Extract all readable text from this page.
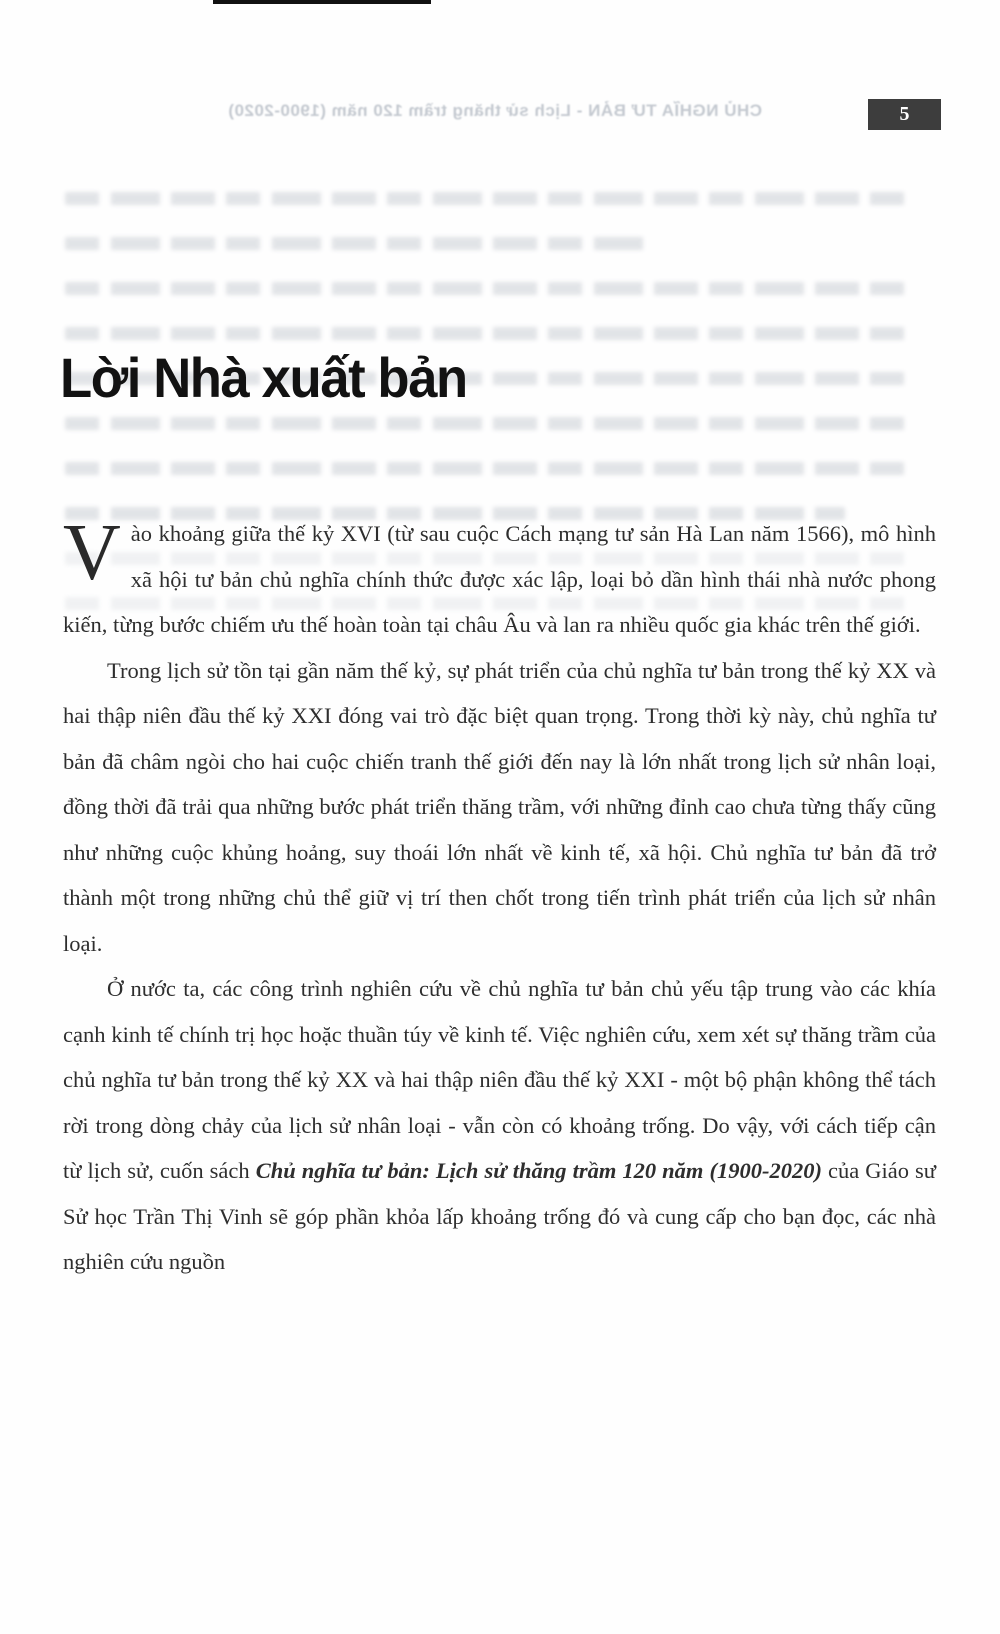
CHỦ NGHĨA TƯ BẢN - Lịch sử thăng trầm 120 năm (1900-2020)	5
Lời Nhà xuất bản

Vào khoảng giữa thế kỷ XVI (từ sau cuộc Cách mạng tư sản Hà Lan năm 1566), mô hình xã hội tư bản chủ nghĩa chính thức được xác lập, loại bỏ dần hình thái nhà nước phong kiến, từng bước chiếm ưu thế hoàn toàn tại châu Âu và lan ra nhiều quốc gia khác trên thế giới.

Trong lịch sử tồn tại gần năm thế kỷ, sự phát triển của chủ nghĩa tư bản trong thế kỷ XX và hai thập niên đầu thế kỷ XXI đóng vai trò đặc biệt quan trọng. Trong thời kỳ này, chủ nghĩa tư bản đã châm ngòi cho hai cuộc chiến tranh thế giới đến nay là lớn nhất trong lịch sử nhân loại, đồng thời đã trải qua những bước phát triển thăng trầm, với những đỉnh cao chưa từng thấy cũng như những cuộc khủng hoảng, suy thoái lớn nhất về kinh tế, xã hội. Chủ nghĩa tư bản đã trở thành một trong những chủ thể giữ vị trí then chốt trong tiến trình phát triển của lịch sử nhân loại.

Ở nước ta, các công trình nghiên cứu về chủ nghĩa tư bản chủ yếu tập trung vào các khía cạnh kinh tế chính trị học hoặc thuần túy về kinh tế. Việc nghiên cứu, xem xét sự thăng trầm của chủ nghĩa tư bản trong thế kỷ XX và hai thập niên đầu thế kỷ XXI - một bộ phận không thể tách rời trong dòng chảy của lịch sử nhân loại - vẫn còn có khoảng trống. Do vậy, với cách tiếp cận từ lịch sử, cuốn sách Chủ nghĩa tư bản: Lịch sử thăng trầm 120 năm (1900-2020) của Giáo sư Sử học Trần Thị Vinh sẽ góp phần khỏa lấp khoảng trống đó và cung cấp cho bạn đọc, các nhà nghiên cứu nguồn
